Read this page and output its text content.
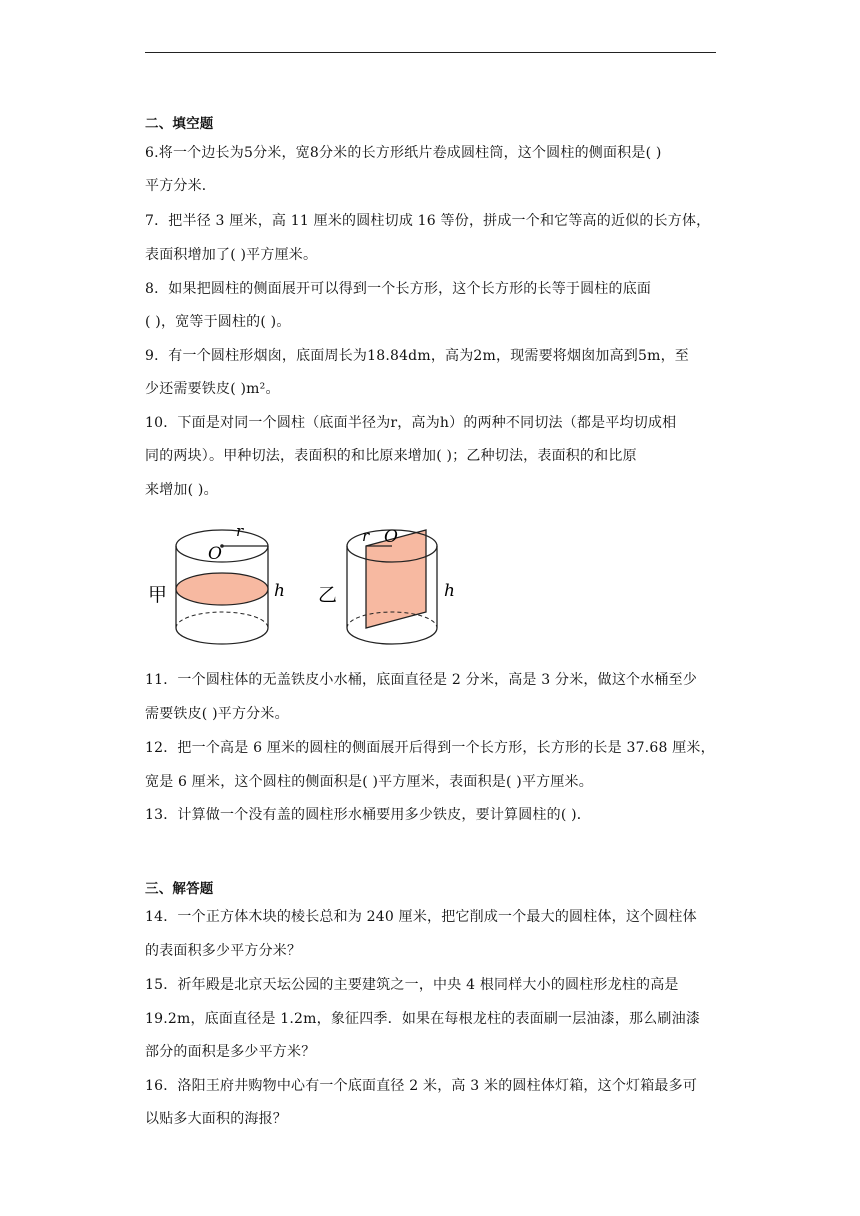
二、填空题
6.将一个边长为5分米，宽8分米的长方形纸片卷成圆柱筒，这个圆柱的侧面积是( )
平方分米．
7．把半径 3 厘米，高 11 厘米的圆柱切成 16 等份，拼成一个和它等高的近似的长方体，
表面积增加了( )平方厘米。
8．如果把圆柱的侧面展开可以得到一个长方形，这个长方形的长等于圆柱的底面
( )，宽等于圆柱的( )。
9．有一个圆柱形烟囱，底面周长为18.84dm，高为2m，现需要将烟囱加高到5m，至
少还需要铁皮( )m²。
10．下面是对同一个圆柱（底面半径为r，高为h）的两种不同切法（都是平均切成相
同的两块）。甲种切法，表面积的和比原来增加( )；乙种切法，表面积的和比原
来增加( )。
甲
O
r
h 乙
r O
h
11．一个圆柱体的无盖铁皮小水桶，底面直径是 2 分米，高是 3 分米，做这个水桶至少
需要铁皮( )平方分米。
12．把一个高是 6 厘米的圆柱的侧面展开后得到一个长方形，长方形的长是 37.68 厘米，
宽是 6 厘米，这个圆柱的侧面积是( )平方厘米，表面积是( )平方厘米。
13．计算做一个没有盖的圆柱形水桶要用多少铁皮，要计算圆柱的( )．
三、解答题
14．一个正方体木块的棱长总和为 240 厘米，把它削成一个最大的圆柱体，这个圆柱体
的表面积多少平方分米？
15．祈年殿是北京天坛公园的主要建筑之一，中央 4 根同样大小的圆柱形龙柱的高是
19.2m，底面直径是 1.2m，象征四季．如果在每根龙柱的表面刷一层油漆，那么刷油漆
部分的面积是多少平方米？
16．洛阳王府井购物中心有一个底面直径 2 米，高 3 米的圆柱体灯箱，这个灯箱最多可
以贴多大面积的海报？
